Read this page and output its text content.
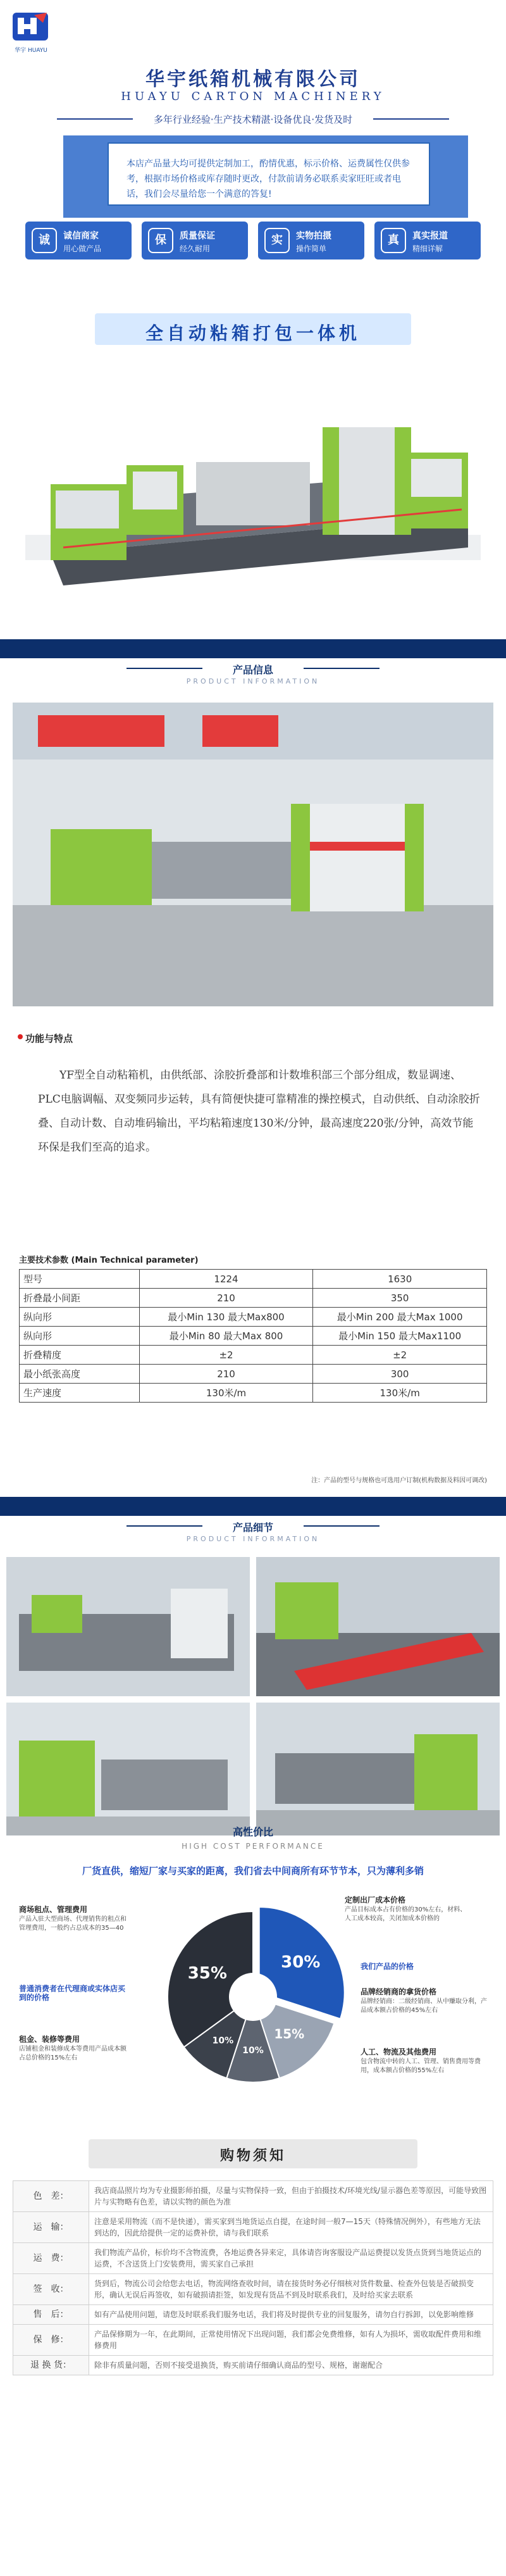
华宇 HUAYU
华宇纸箱机械有限公司
HUAYU CARTON MACHINERY
多年行业经验·生产技术精湛·设备优良·发货及时
本店产品量大均可提供定制加工，酌情优惠，标示价格、运费属性仅供参考，根据市场价格或库存随时更改，付款前请务必联系卖家旺旺或者电话，我们会尽量给您一个满意的答复!
诚	诚信商家
用心做产品
保	质量保证
经久耐用
实	实物拍摄
操作简单
真	真实报道
精细详解
全自动粘箱打包一体机
产品信息
PRODUCT INFORMATION
功能与特点
YF型全自动粘箱机，由供纸部、涂胶折叠部和计数堆积部三个部分组成，数显调速、PLC电脑调幅、双变频同步运转，具有简便快捷可靠精准的操控模式，自动供纸、自动涂胶折叠、自动计数、自动堆码输出，平均粘箱速度130米/分钟，最高速度220张/分钟，高效节能环保是我们至高的追求。
主要技术参数 (Main Technical parameter)
型号	1224	1630
折叠最小间距	210	350
纵向形	最小Min 130 最大Max800	最小Min 200 最大Max 1000
纵向形	最小Min 80 最大Max 800	最小Min 150 最大Max1100
折叠精度	±2	±2
最小纸张高度	210	300
生产速度	130米/m	130米/m
注：产品的型号与规格也可选用户订制(机构数据及料因可调改)
产品细节
PRODUCT INFORMATION
高性价比
HIGH COST PERFORMANCE
厂货直供，缩短厂家与买家的距离，我们省去中间商所有环节节本，只为薄利多销
30%
15%
10%
10%
35%
定制出厂成本价格
产品目标成本占有价格的30%左右，材料、人工成本较高，关闭加成本价格的
我们产品的价格
品牌经销商的拿货价格
品牌经销商：二级经销商、从中赚取分利，产品成本额占价格的45%左右
人工、物流及其他费用
包含物流中转的人工、管理、销售费用等费用，成本额占价格的55%左右
商场租点、管理费用
产品入驻大型商场、代理销售的租点和管理费用，一般约占总成本的35—40
普通消费者在代理商或实体店买到的价格
租金、装修等费用
店铺租金和装修成本等费用产品成本额占总价格的15%左右
购物须知
色　差：	我店商品照片均为专业摄影师拍摄，尽量与实物保持一致，但由于拍摄技术/环境光线/显示器色差等原因，可能导致图片与实物略有色差，请以实物的颜色为准
运　输：	注意是采用物流（而不是快递），需买家到当地货运点自提，在途时间一般7—15天（特殊情况例外），有些地方无法到达的，因此给提供一定的运费补偿，请与我们联系
运　费：	我们物流产品价，标价均不含物流费，各地运费各异来定，具体请咨询客服设产品运费提以发货点货到当地货运点的运费，不含送货上门安装费用，需买家自己承担
签　收：	货到后，物流公司会给您去电话，物流网络查收时间，请在接货时务必仔细核对货件数量、检查外包装是否破损变形，确认无误后再签收，如有破损请拒签，如发现有货品不到及时联系我们，及时给买家去联系
售　后：	如有产品使用问题，请您及时联系我们服务电话，我们将及时提供专业的回复服务，请勿自行拆卸，以免影响维修
保　修：	产品保修期为一年，在此期间，正常使用情况下出现问题，我们都会免费维修，如有人为损坏，需收取配件费用和维修费用
退 换 货：	除非有质量问题，否则不接受退换货，购买前请仔细确认商品的型号、规格，谢谢配合
